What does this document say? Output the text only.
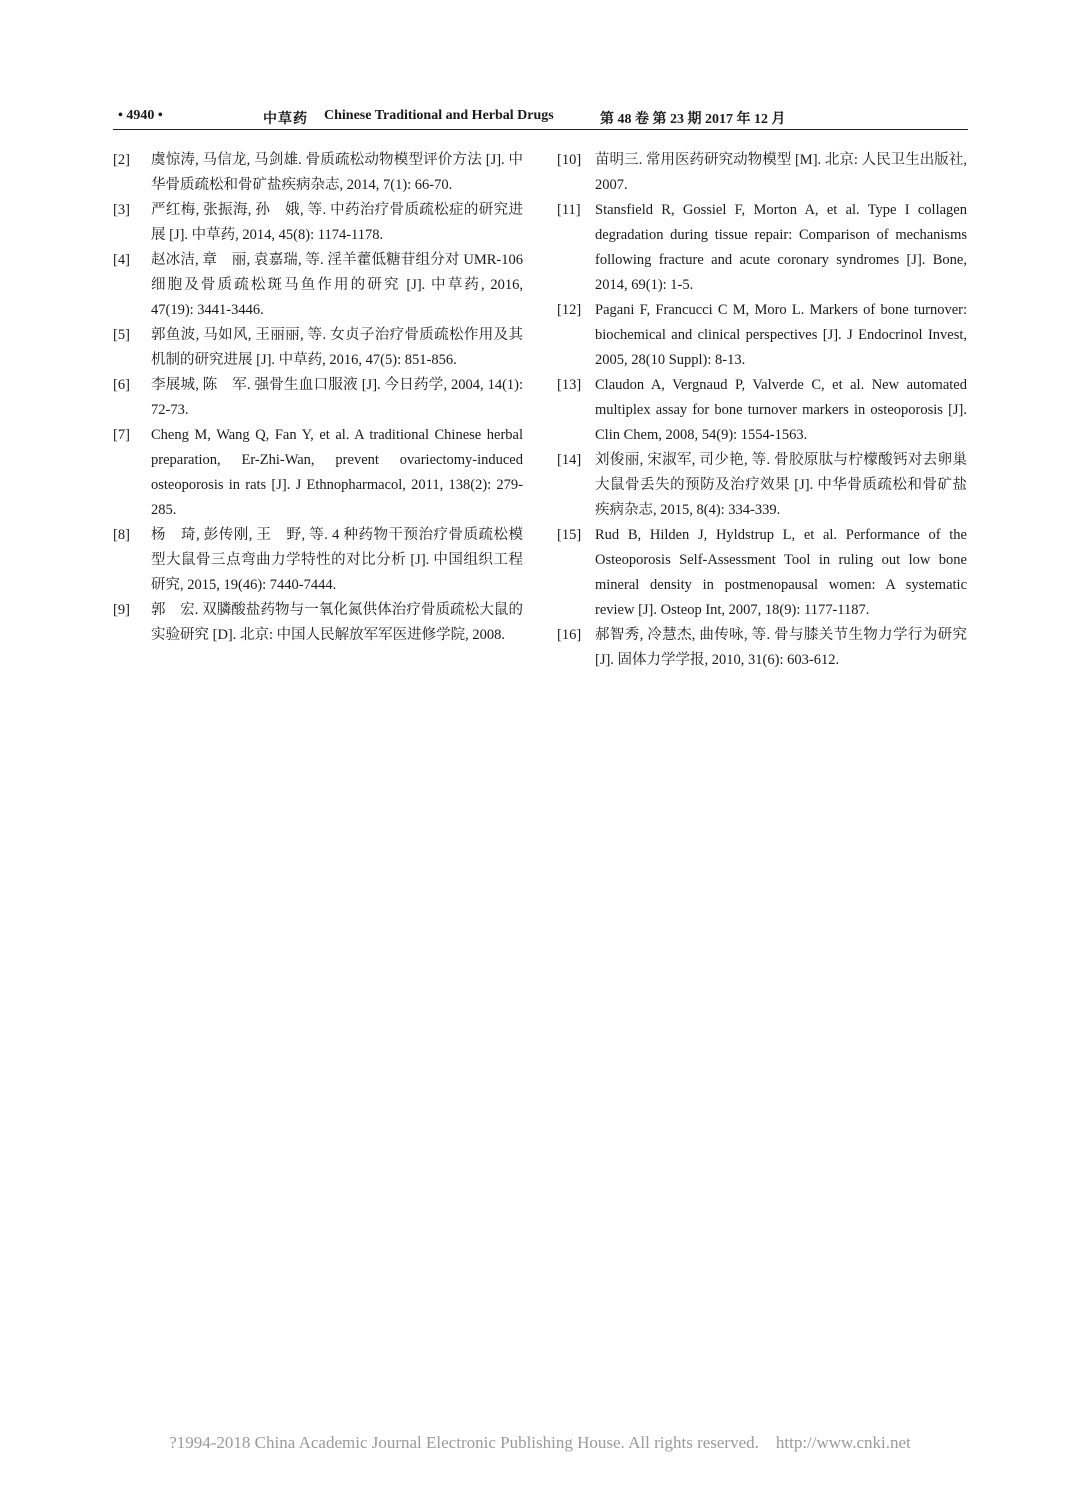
• 4940 •	中草药 Chinese Traditional and Herbal Drugs	第 48 卷 第 23 期 2017 年 12 月
[2]	虞惊涛, 马信龙, 马剑雄. 骨质疏松动物模型评价方法 [J]. 中华骨质疏松和骨矿盐疾病杂志, 2014, 7(1): 66-70.
[3]	严红梅, 张振海, 孙　娥, 等. 中药治疗骨质疏松症的研究进展 [J]. 中草药, 2014, 45(8): 1174-1178.
[4]	赵冰洁, 章　丽, 袁嘉瑞, 等. 淫羊藿低糖苷组分对 UMR-106 细胞及骨质疏松斑马鱼作用的研究 [J]. 中草药, 2016, 47(19): 3441-3446.
[5]	郭鱼波, 马如风, 王丽丽, 等. 女贞子治疗骨质疏松作用及其机制的研究进展 [J]. 中草药, 2016, 47(5): 851-856.
[6]	李展城, 陈　军. 强骨生血口服液 [J]. 今日药学, 2004, 14(1): 72-73.
[7]	Cheng M, Wang Q, Fan Y, et al. A traditional Chinese herbal preparation, Er-Zhi-Wan, prevent ovariectomy-induced osteoporosis in rats [J]. J Ethnopharmacol, 2011, 138(2): 279-285.
[8]	杨　琦, 彭传刚, 王　野, 等. 4 种药物干预治疗骨质疏松模型大鼠骨三点弯曲力学特性的对比分析 [J]. 中国组织工程研究, 2015, 19(46): 7440-7444.
[9]	郭　宏. 双膦酸盐药物与一氧化氮供体治疗骨质疏松大鼠的实验研究 [D]. 北京: 中国人民解放军军医进修学院, 2008.
[10] 苗明三. 常用医药研究动物模型 [M]. 北京: 人民卫生出版社, 2007.
[11] Stansfield R, Gossiel F, Morton A, et al. Type I collagen degradation during tissue repair: Comparison of mechanisms following fracture and acute coronary syndromes [J]. Bone, 2014, 69(1): 1-5.
[12] Pagani F, Francucci C M, Moro L. Markers of bone turnover: biochemical and clinical perspectives [J]. J Endocrinol Invest, 2005, 28(10 Suppl): 8-13.
[13] Claudon A, Vergnaud P, Valverde C, et al. New automated multiplex assay for bone turnover markers in osteoporosis [J]. Clin Chem, 2008, 54(9): 1554-1563.
[14] 刘俊丽, 宋淑军, 司少艳, 等. 骨胶原肽与柠檬酸钙对去卵巢大鼠骨丢失的预防及治疗效果 [J]. 中华骨质疏松和骨矿盐疾病杂志, 2015, 8(4): 334-339.
[15] Rud B, Hilden J, Hyldstrup L, et al. Performance of the Osteoporosis Self-Assessment Tool in ruling out low bone mineral density in postmenopausal women: A systematic review [J]. Osteop Int, 2007, 18(9): 1177-1187.
[16] 郝智秀, 冷慧杰, 曲传咏, 等. 骨与膝关节生物力学行为研究 [J]. 固体力学学报, 2010, 31(6): 603-612.
?1994-2018 China Academic Journal Electronic Publishing House. All rights reserved.    http://www.cnki.net
